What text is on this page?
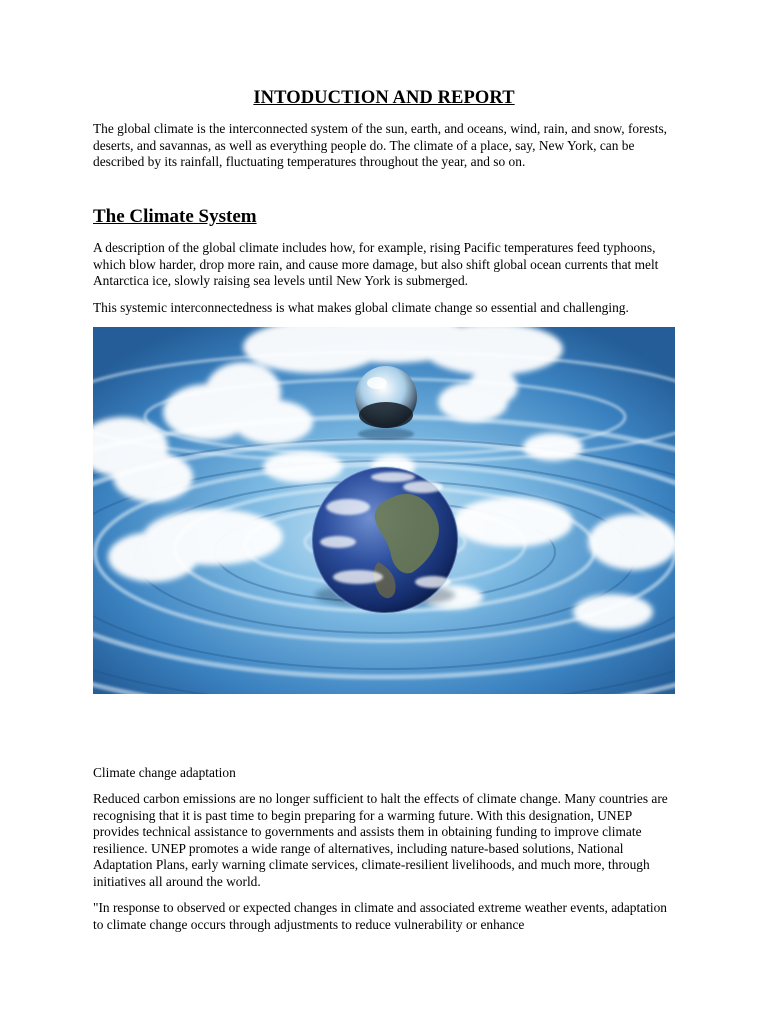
INTODUCTION AND REPORT

The global climate is the interconnected system of the sun, earth, and oceans, wind, rain, and snow, forests, deserts, and savannas, as well as everything people do. The climate of a place, say, New York, can be described by its rainfall, fluctuating temperatures throughout the year, and so on.

The Climate System

A description of the global climate includes how, for example, rising Pacific temperatures feed typhoons, which blow harder, drop more rain, and cause more damage, but also shift global ocean currents that melt Antarctica ice, slowly raising sea levels until New York is submerged.

This systemic interconnectedness is what makes global climate change so essential and challenging.

Climate change adaptation

Reduced carbon emissions are no longer sufficient to halt the effects of climate change. Many countries are recognising that it is past time to begin preparing for a warming future. With this designation, UNEP provides technical assistance to governments and assists them in obtaining funding to improve climate resilience. UNEP promotes a wide range of alternatives, including nature-based solutions, National Adaptation Plans, early warning climate services, climate-resilient livelihoods, and much more, through initiatives all around the world.

"In response to observed or expected changes in climate and associated extreme weather events, adaptation to climate change occurs through adjustments to reduce vulnerability or enhance
